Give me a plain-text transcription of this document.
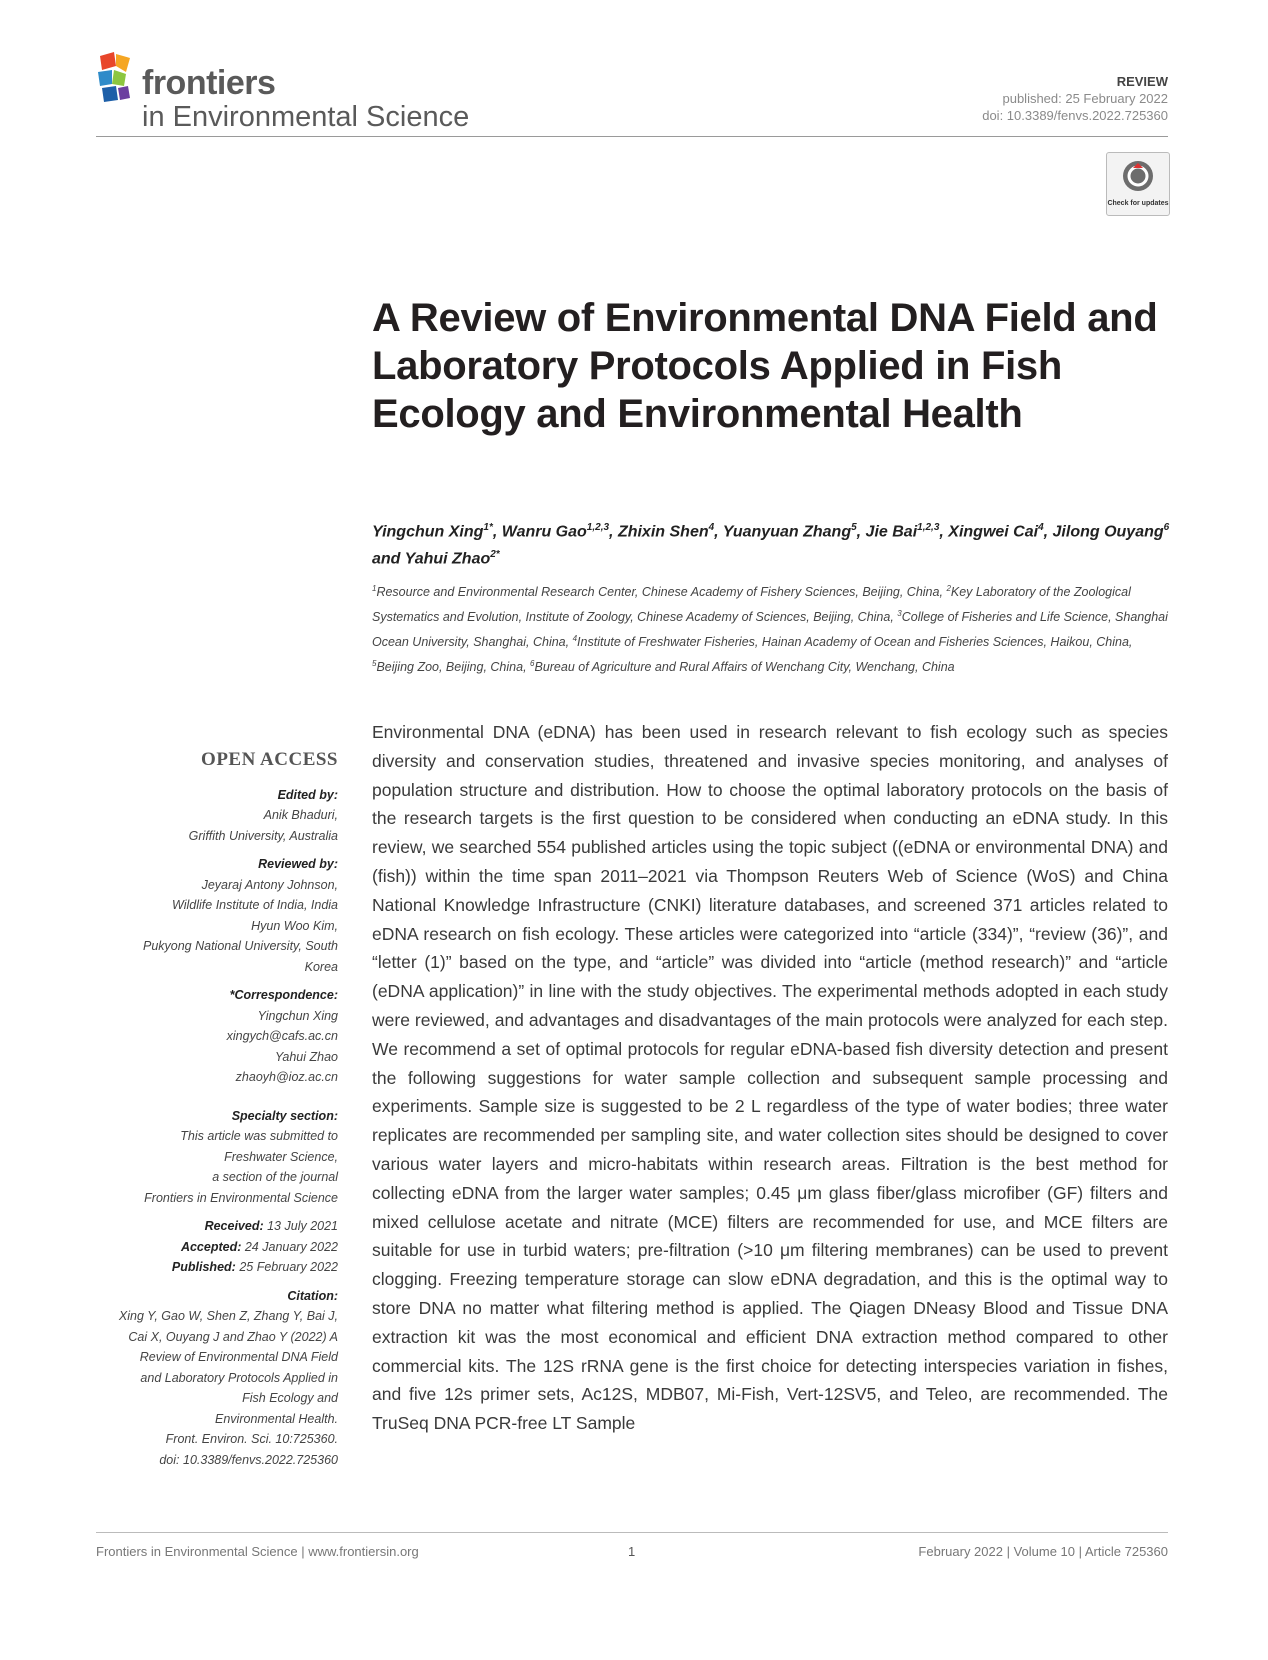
frontiers
in Environmental Science
REVIEW
published: 25 February 2022
doi: 10.3389/fenvs.2022.725360
Check for updates
A Review of Environmental DNA Field and Laboratory Protocols Applied in Fish Ecology and Environmental Health
Yingchun Xing$^{1*}$, Wanru Gao$^{1,2,3}$, Zhixin Shen$^4$, Yuanyuan Zhang$^5$, Jie Bai$^{1,2,3}$, Xingwei Cai$^4$, Jilong Ouyang$^6$ and Yahui Zhao$^{2*}$
$^1$Resource and Environmental Research Center, Chinese Academy of Fishery Sciences, Beijing, China, $^2$Key Laboratory of the Zoological Systematics and Evolution, Institute of Zoology, Chinese Academy of Sciences, Beijing, China, $^3$College of Fisheries and Life Science, Shanghai Ocean University, Shanghai, China, $^4$Institute of Freshwater Fisheries, Hainan Academy of Ocean and Fisheries Sciences, Haikou, China, $^5$Beijing Zoo, Beijing, China, $^6$Bureau of Agriculture and Rural Affairs of Wenchang City, Wenchang, China
Environmental DNA (eDNA) has been used in research relevant to fish ecology such as species diversity and conservation studies, threatened and invasive species monitoring, and analyses of population structure and distribution. How to choose the optimal laboratory protocols on the basis of the research targets is the first question to be considered when conducting an eDNA study. In this review, we searched 554 published articles using the topic subject ((eDNA or environmental DNA) and (fish)) within the time span 2011–2021 via Thompson Reuters Web of Science (WoS) and China National Knowledge Infrastructure (CNKI) literature databases, and screened 371 articles related to eDNA research on fish ecology. These articles were categorized into “article (334)”, “review (36)”, and “letter (1)” based on the type, and “article” was divided into “article (method research)” and “article (eDNA application)” in line with the study objectives. The experimental methods adopted in each study were reviewed, and advantages and disadvantages of the main protocols were analyzed for each step. We recommend a set of optimal protocols for regular eDNA-based fish diversity detection and present the following suggestions for water sample collection and subsequent sample processing and experiments. Sample size is suggested to be 2 L regardless of the type of water bodies; three water replicates are recommended per sampling site, and water collection sites should be designed to cover various water layers and micro-habitats within research areas. Filtration is the best method for collecting eDNA from the larger water samples; 0.45 μm glass fiber/glass microfiber (GF) filters and mixed cellulose acetate and nitrate (MCE) filters are recommended for use, and MCE filters are suitable for use in turbid waters; pre-filtration (>10 μm filtering membranes) can be used to prevent clogging. Freezing temperature storage can slow eDNA degradation, and this is the optimal way to store DNA no matter what filtering method is applied. The Qiagen DNeasy Blood and Tissue DNA extraction kit was the most economical and efficient DNA extraction method compared to other commercial kits. The 12S rRNA gene is the first choice for detecting interspecies variation in fishes, and five 12s primer sets, Ac12S, MDB07, Mi-Fish, Vert-12SV5, and Teleo, are recommended. The TruSeq DNA PCR-free LT Sample
OPEN ACCESS
Edited by:
Anik Bhaduri,
Griffith University, Australia
Reviewed by:
Jeyaraj Antony Johnson,
Wildlife Institute of India, India
Hyun Woo Kim,
Pukyong National University, South
Korea
*Correspondence:
Yingchun Xing
xingych@cafs.ac.cn
Yahui Zhao
zhaoyh@ioz.ac.cn
Specialty section:
This article was submitted to
Freshwater Science,
a section of the journal
Frontiers in Environmental Science
Received: 13 July 2021
Accepted: 24 January 2022
Published: 25 February 2022
Citation:
Xing Y, Gao W, Shen Z, Zhang Y, Bai J,
Cai X, Ouyang J and Zhao Y (2022) A
Review of Environmental DNA Field
and Laboratory Protocols Applied in
Fish Ecology and
Environmental Health.
Front. Environ. Sci. 10:725360.
doi: 10.3389/fenvs.2022.725360
Frontiers in Environmental Science | www.frontiersin.org	1	February 2022 | Volume 10 | Article 725360
